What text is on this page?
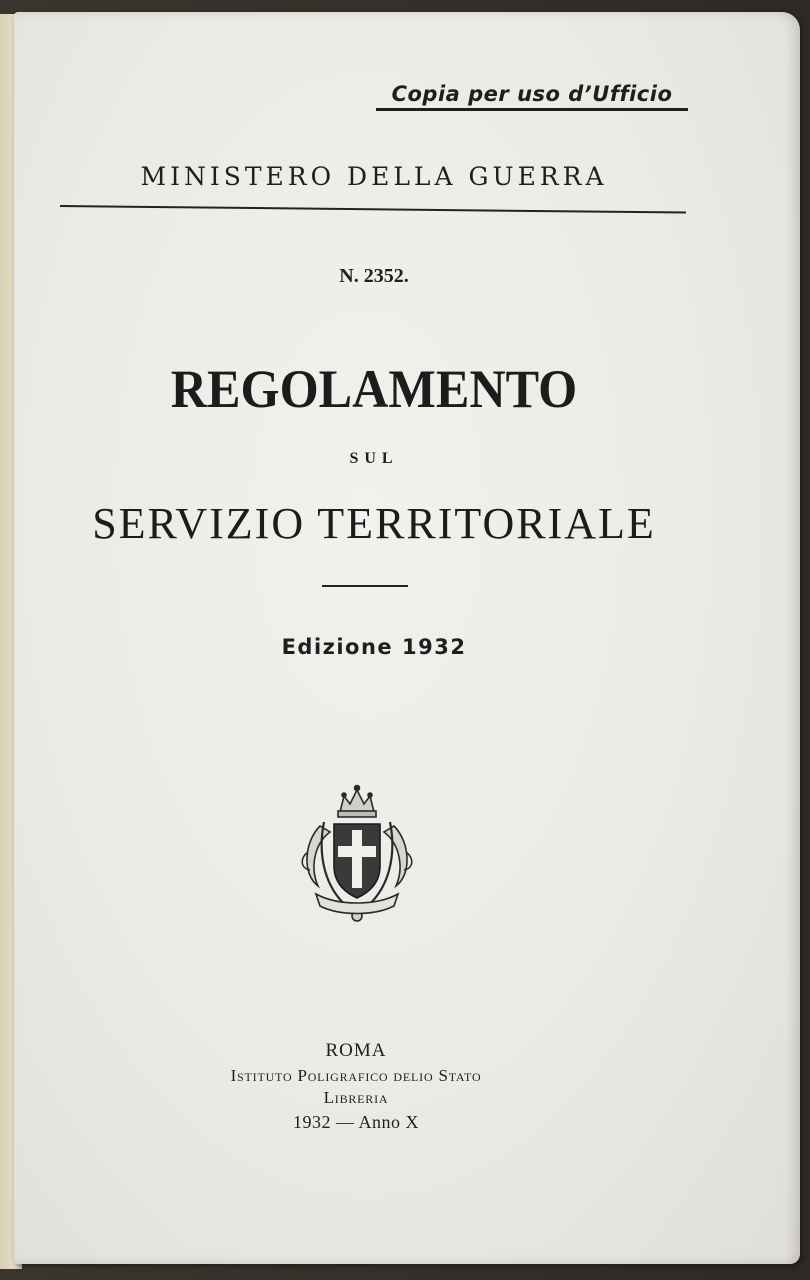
Copia per uso d’Ufficio
MINISTERO DELLA GUERRA
N. 2352.
REGOLAMENTO
SUL
SERVIZIO TERRITORIALE
Edizione 1932
ROMA
Istituto Poligrafico delio Stato
Libreria
1932 — Anno X
